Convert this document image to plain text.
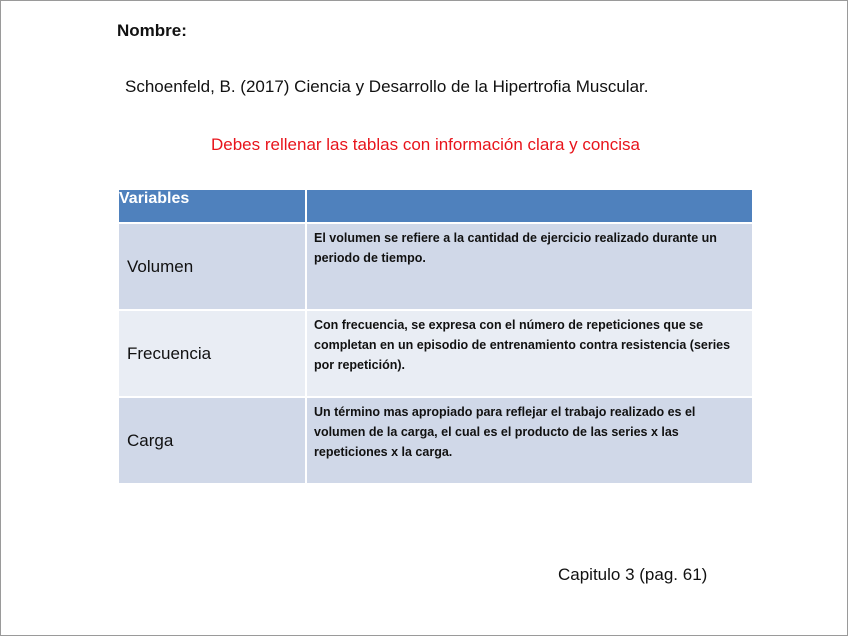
Nombre:
Schoenfeld, B. (2017) Ciencia y Desarrollo de la Hipertrofia Muscular.
Debes rellenar las tablas con información clara y concisa
Variables	
Volumen	El volumen se refiere a la cantidad de ejercicio realizado durante un periodo de tiempo.
Frecuencia	Con frecuencia, se expresa con el número de repeticiones que se completan en un episodio de entrenamiento contra resistencia (series por repetición).
Carga	Un término mas apropiado para reflejar el trabajo realizado es el volumen de la carga, el cual es el producto de las series x las repeticiones x la carga.
Capitulo 3 (pag. 61)
